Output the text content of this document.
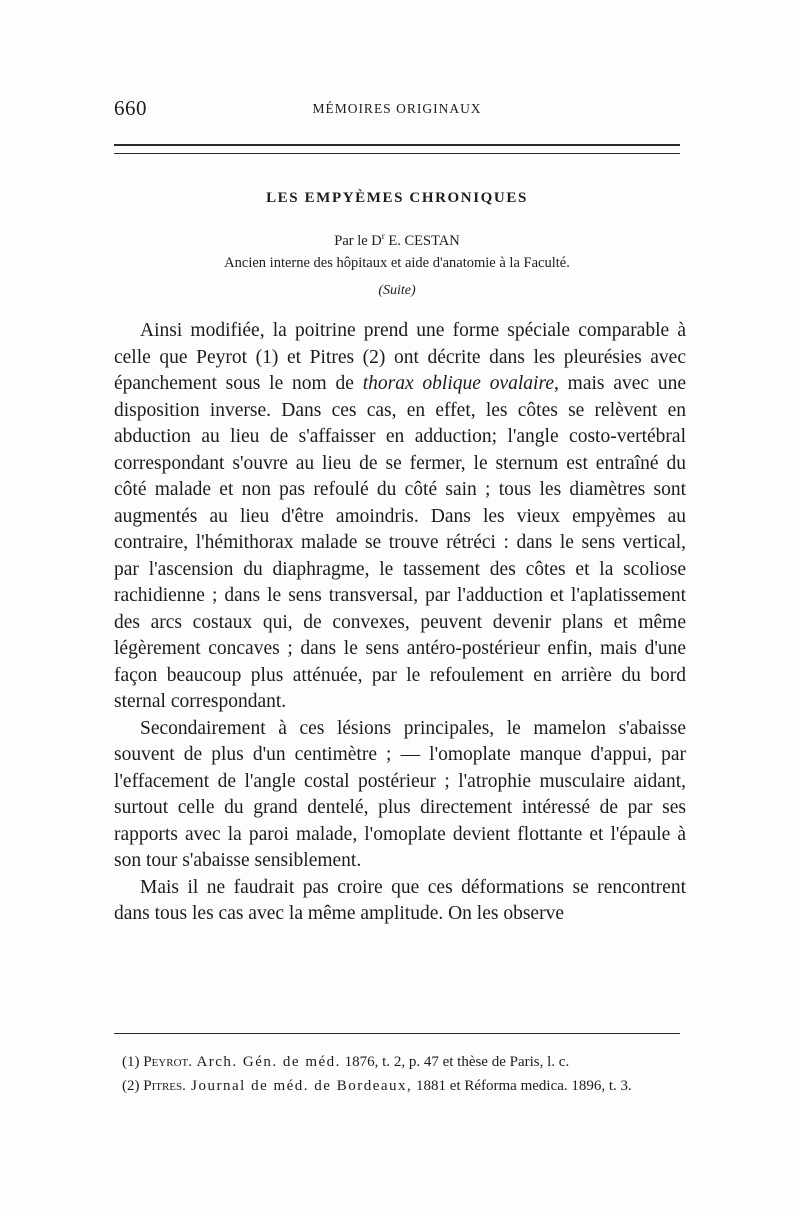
660	MÉMOIRES ORIGINAUX
LES EMPYÈMES CHRONIQUES
Par le $D^r$ E. CESTAN
Ancien interne des hôpitaux et aide d'anatomie à la Faculté.
(Suite)

Ainsi modifiée, la poitrine prend une forme spéciale comparable à celle que Peyrot (1) et Pitres (2) ont décrite dans les pleurésies avec épanchement sous le nom de thorax oblique ovalaire, mais avec une disposition inverse. Dans ces cas, en effet, les côtes se relèvent en abduction au lieu de s'affaisser en adduction; l'angle costo-vertébral correspondant s'ouvre au lieu de se fermer, le sternum est entraîné du côté malade et non pas refoulé du côté sain ; tous les diamètres sont augmentés au lieu d'être amoindris. Dans les vieux empyèmes au contraire, l'hémithorax malade se trouve rétréci : dans le sens vertical, par l'ascension du diaphragme, le tassement des côtes et la scoliose rachidienne ; dans le sens transversal, par l'adduction et l'aplatissement des arcs costaux qui, de convexes, peuvent devenir plans et même légèrement concaves ; dans le sens antéro-postérieur enfin, mais d'une façon beaucoup plus atténuée, par le refoulement en arrière du bord sternal correspondant.

Secondairement à ces lésions principales, le mamelon s'abaisse souvent de plus d'un centimètre ; — l'omoplate manque d'appui, par l'effacement de l'angle costal postérieur ; l'atrophie musculaire aidant, surtout celle du grand dentelé, plus directement intéressé de par ses rapports avec la paroi malade, l'omoplate devient flottante et l'épaule à son tour s'abaisse sensiblement.

Mais il ne faudrait pas croire que ces déformations se rencontrent dans tous les cas avec la même amplitude. On les observe

(1) Peyrot. Arch. Gén. de méd. 1876, t. 2, p. 47 et thèse de Paris, l. c.

(2) Pitres. Journal de méd. de Bordeaux, 1881 et Réforma medica. 1896, t. 3.
